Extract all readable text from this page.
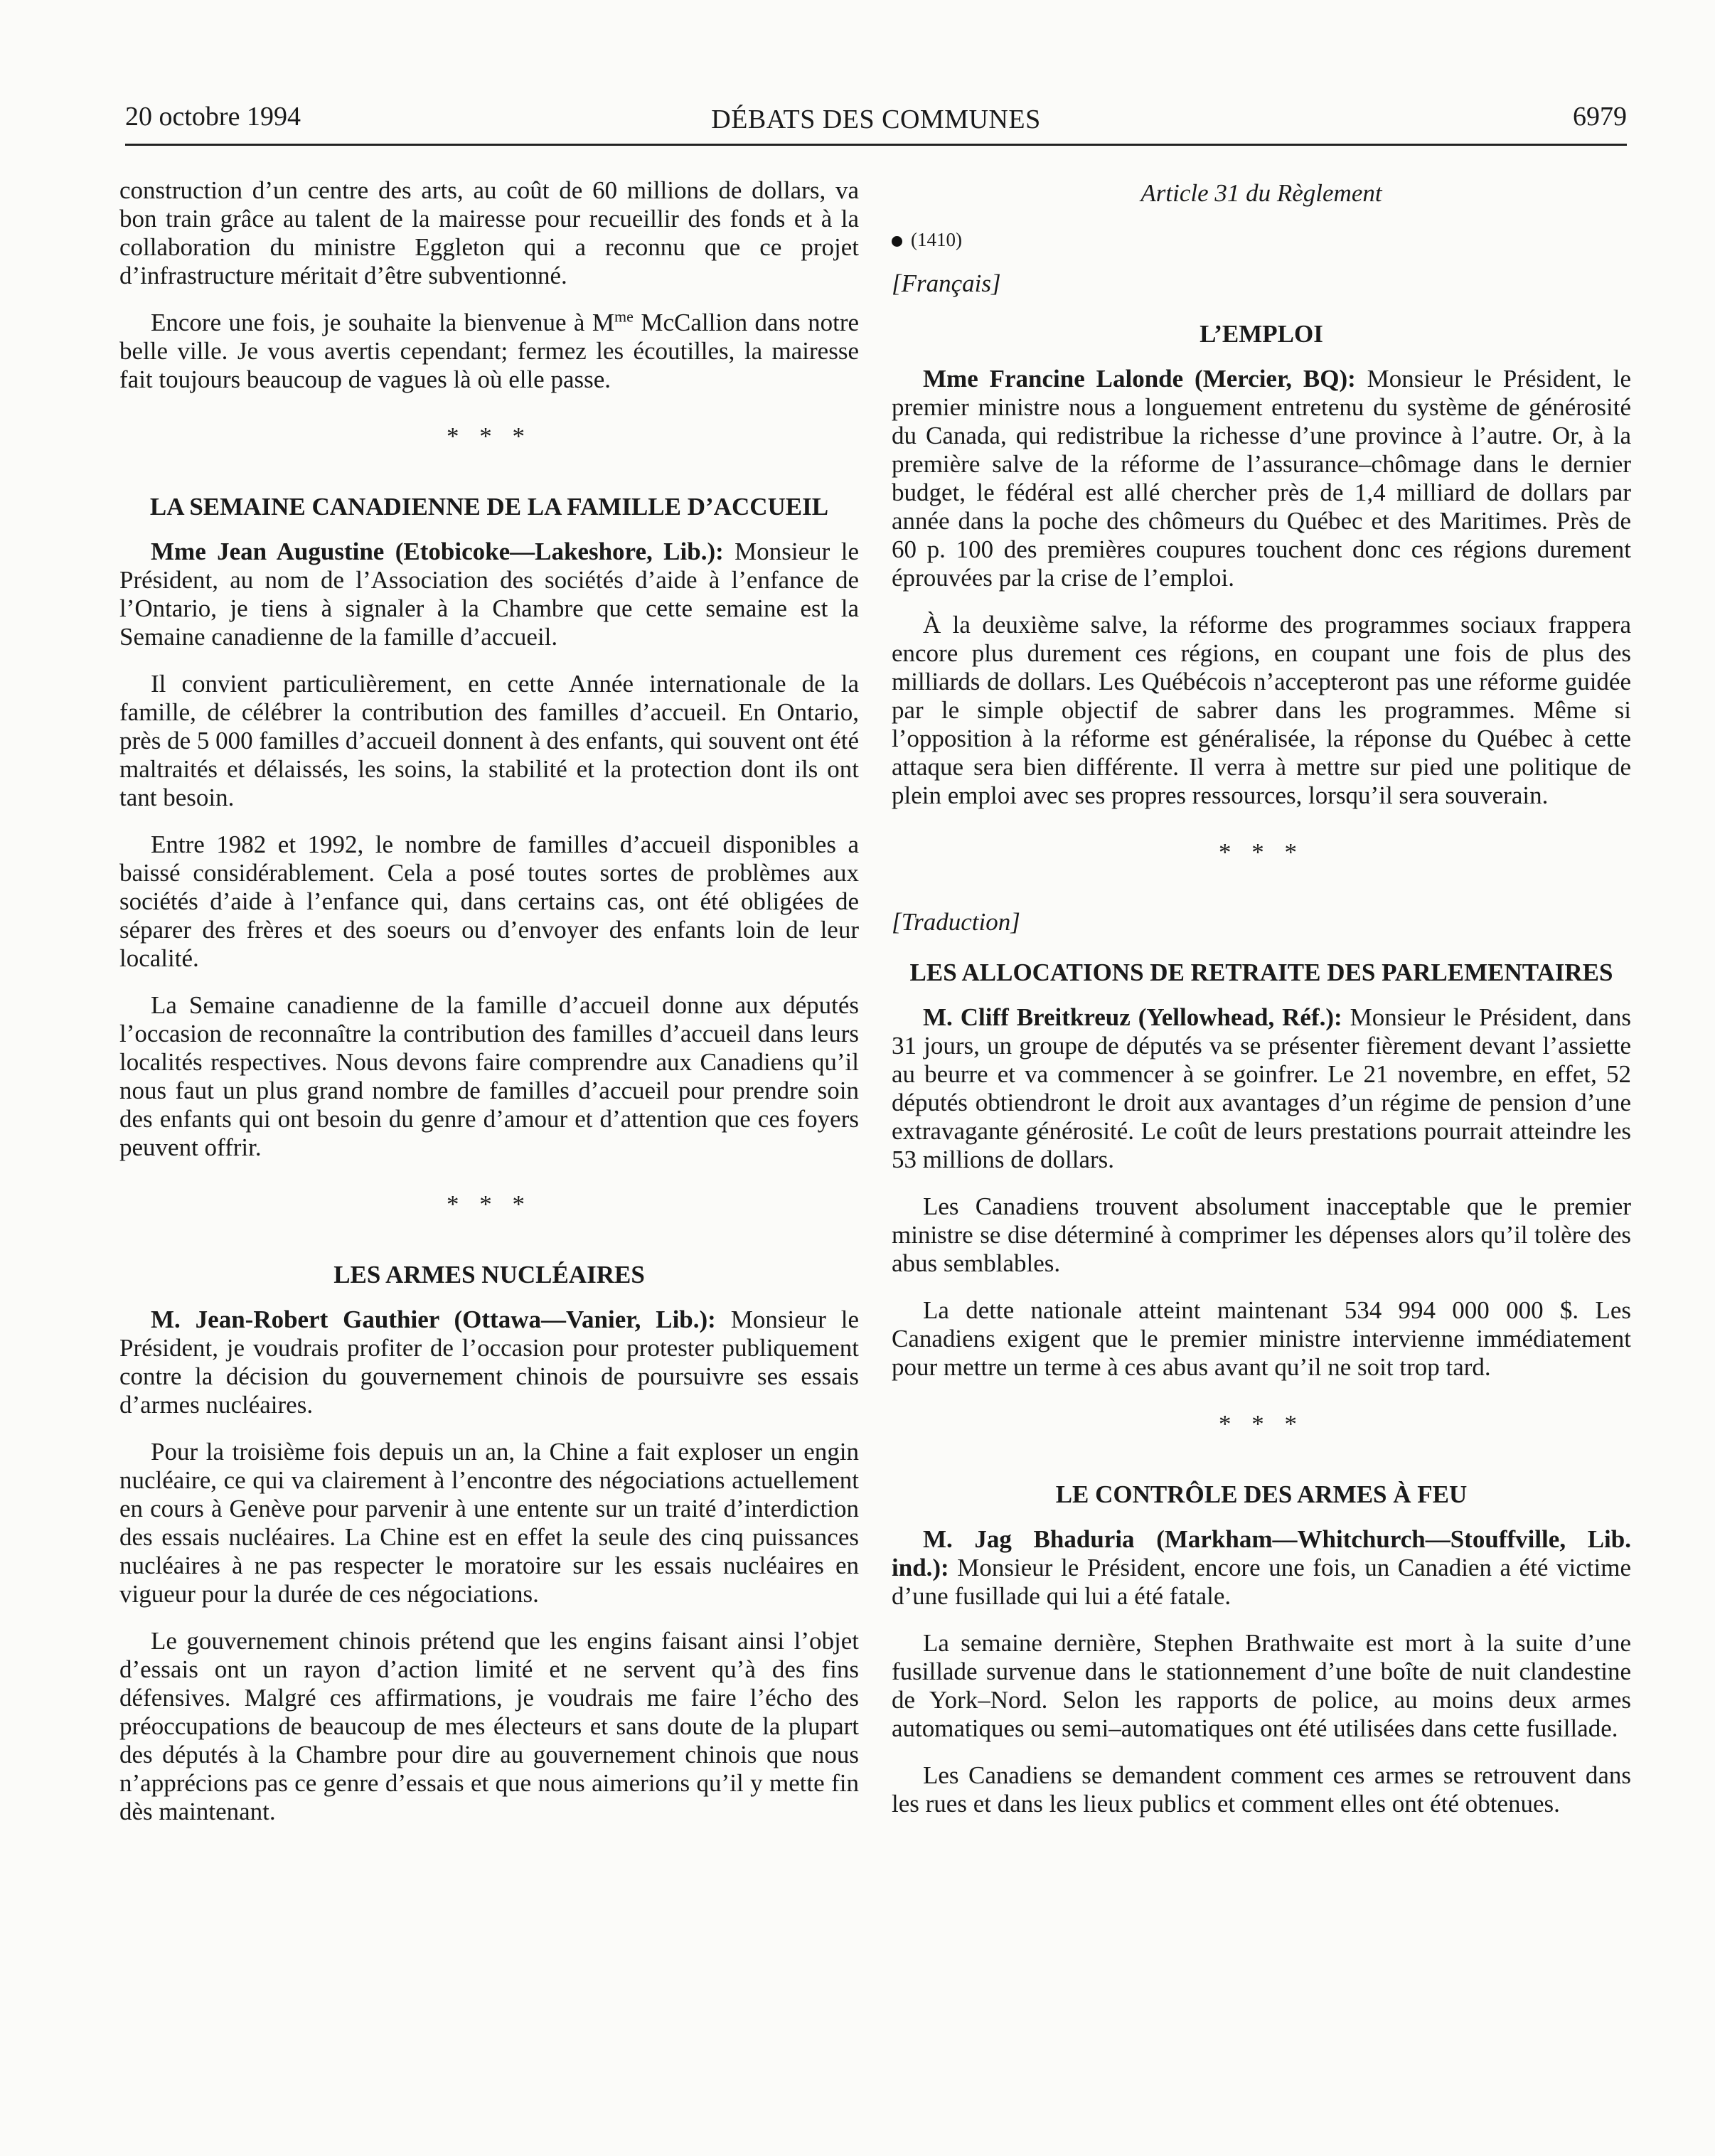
20 octobre 1994	DÉBATS DES COMMUNES	6979

construction d’un centre des arts, au coût de 60 millions de dollars, va bon train grâce au talent de la mairesse pour recueillir des fonds et à la collaboration du ministre Eggleton qui a reconnu que ce projet d’infrastructure méritait d’être subventionné.

Encore une fois, je souhaite la bienvenue à $M^{me}$ McCallion dans notre belle ville. Je vous avertis cependant; fermez les écoutilles, la mairesse fait toujours beaucoup de vagues là où elle passe.

* * *
LA SEMAINE CANADIENNE DE LA FAMILLE D’ACCUEIL

Mme Jean Augustine (Etobicoke—Lakeshore, Lib.): Monsieur le Président, au nom de l’Association des sociétés d’aide à l’enfance de l’Ontario, je tiens à signaler à la Chambre que cette semaine est la Semaine canadienne de la famille d’accueil.

Il convient particulièrement, en cette Année internationale de la famille, de célébrer la contribution des familles d’accueil. En Ontario, près de 5 000 familles d’accueil donnent à des enfants, qui souvent ont été maltraités et délaissés, les soins, la stabilité et la protection dont ils ont tant besoin.

Entre 1982 et 1992, le nombre de familles d’accueil disponibles a baissé considérablement. Cela a posé toutes sortes de problèmes aux sociétés d’aide à l’enfance qui, dans certains cas, ont été obligées de séparer des frères et des soeurs ou d’envoyer des enfants loin de leur localité.

La Semaine canadienne de la famille d’accueil donne aux députés l’occasion de reconnaître la contribution des familles d’accueil dans leurs localités respectives. Nous devons faire comprendre aux Canadiens qu’il nous faut un plus grand nombre de familles d’accueil pour prendre soin des enfants qui ont besoin du genre d’amour et d’attention que ces foyers peuvent offrir.

* * *
LES ARMES NUCLÉAIRES

M. Jean-Robert Gauthier (Ottawa—Vanier, Lib.): Monsieur le Président, je voudrais profiter de l’occasion pour protester publiquement contre la décision du gouvernement chinois de poursuivre ses essais d’armes nucléaires.

Pour la troisième fois depuis un an, la Chine a fait exploser un engin nucléaire, ce qui va clairement à l’encontre des négociations actuellement en cours à Genève pour parvenir à une entente sur un traité d’interdiction des essais nucléaires. La Chine est en effet la seule des cinq puissances nucléaires à ne pas respecter le moratoire sur les essais nucléaires en vigueur pour la durée de ces négociations.

Le gouvernement chinois prétend que les engins faisant ainsi l’objet d’essais ont un rayon d’action limité et ne servent qu’à des fins défensives. Malgré ces affirmations, je voudrais me faire l’écho des préoccupations de beaucoup de mes électeurs et sans doute de la plupart des députés à la Chambre pour dire au gouvernement chinois que nous n’apprécions pas ce genre d’essais et que nous aimerions qu’il y mette fin dès maintenant.

Article 31 du Règlement
(1410)
[Français]
L’EMPLOI

Mme Francine Lalonde (Mercier, BQ): Monsieur le Président, le premier ministre nous a longuement entretenu du système de générosité du Canada, qui redistribue la richesse d’une province à l’autre. Or, à la première salve de la réforme de l’assurance–chômage dans le dernier budget, le fédéral est allé chercher près de 1,4 milliard de dollars par année dans la poche des chômeurs du Québec et des Maritimes. Près de 60 p. 100 des premières coupures touchent donc ces régions durement éprouvées par la crise de l’emploi.

À la deuxième salve, la réforme des programmes sociaux frappera encore plus durement ces régions, en coupant une fois de plus des milliards de dollars. Les Québécois n’accepteront pas une réforme guidée par le simple objectif de sabrer dans les programmes. Même si l’opposition à la réforme est généralisée, la réponse du Québec à cette attaque sera bien différente. Il verra à mettre sur pied une politique de plein emploi avec ses propres ressources, lorsqu’il sera souverain.

* * *
[Traduction]
LES ALLOCATIONS DE RETRAITE DES PARLEMENTAIRES

M. Cliff Breitkreuz (Yellowhead, Réf.): Monsieur le Président, dans 31 jours, un groupe de députés va se présenter fièrement devant l’assiette au beurre et va commencer à se goinfrer. Le 21 novembre, en effet, 52 députés obtiendront le droit aux avantages d’un régime de pension d’une extravagante générosité. Le coût de leurs prestations pourrait atteindre les 53 millions de dollars.

Les Canadiens trouvent absolument inacceptable que le premier ministre se dise déterminé à comprimer les dépenses alors qu’il tolère des abus semblables.

La dette nationale atteint maintenant 534 994 000 000 $. Les Canadiens exigent que le premier ministre intervienne immédiatement pour mettre un terme à ces abus avant qu’il ne soit trop tard.

* * *
LE CONTRÔLE DES ARMES À FEU

M. Jag Bhaduria (Markham—Whitchurch—Stouffville, Lib. ind.): Monsieur le Président, encore une fois, un Canadien a été victime d’une fusillade qui lui a été fatale.

La semaine dernière, Stephen Brathwaite est mort à la suite d’une fusillade survenue dans le stationnement d’une boîte de nuit clandestine de York–Nord. Selon les rapports de police, au moins deux armes automatiques ou semi–automatiques ont été utilisées dans cette fusillade.

Les Canadiens se demandent comment ces armes se retrouvent dans les rues et dans les lieux publics et comment elles ont été obtenues.
